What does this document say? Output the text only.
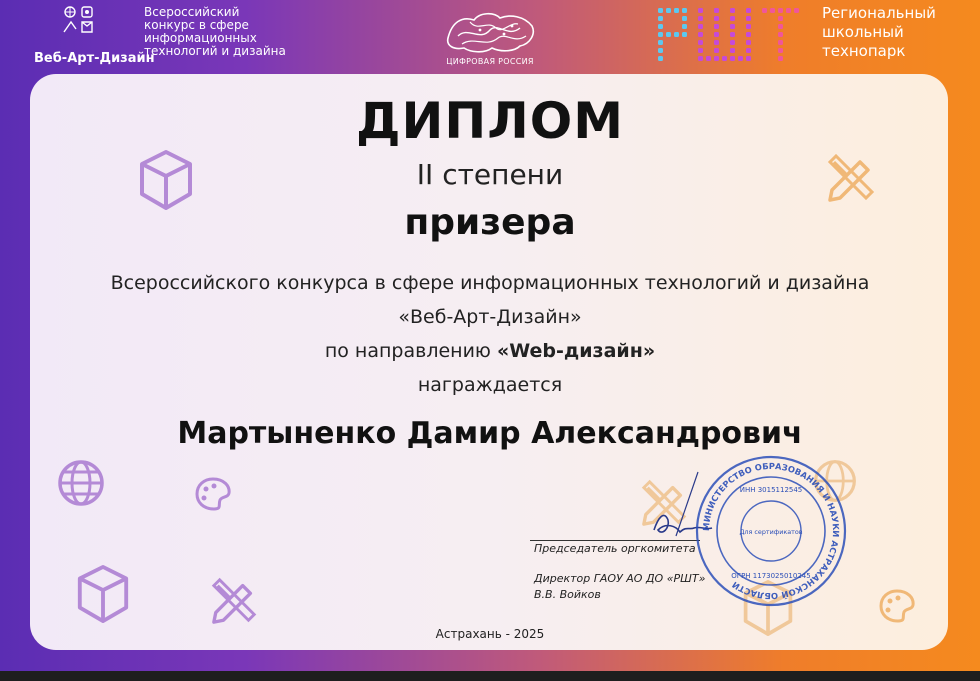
Веб-Арт-Дизайн
Всероссийский
конкурс в сфере
информационных
технологий и дизайна
ЦИФРОВАЯ РОССИЯ
Региональный
школьный
технопарк
ДИПЛОМ
II степени
призера
Всероссийского конкурса в сфере информационных технологий и дизайна
«Веб-Арт-Дизайн»
по направлению «Web-дизайн»
награждается
Мартыненко Дамир Александрович
Председатель оргкомитета
Директор ГАОУ АО ДО «РШТ»
В.В. Войков
МИНИСТЕРСТВО ОБРАЗОВАНИЯ И НАУКИ АСТРАХАНСКОЙ ОБЛАСТИ
ИНН 3015112545
ОГРН 1173025010245
Для сертификатов
Астрахань - 2025
